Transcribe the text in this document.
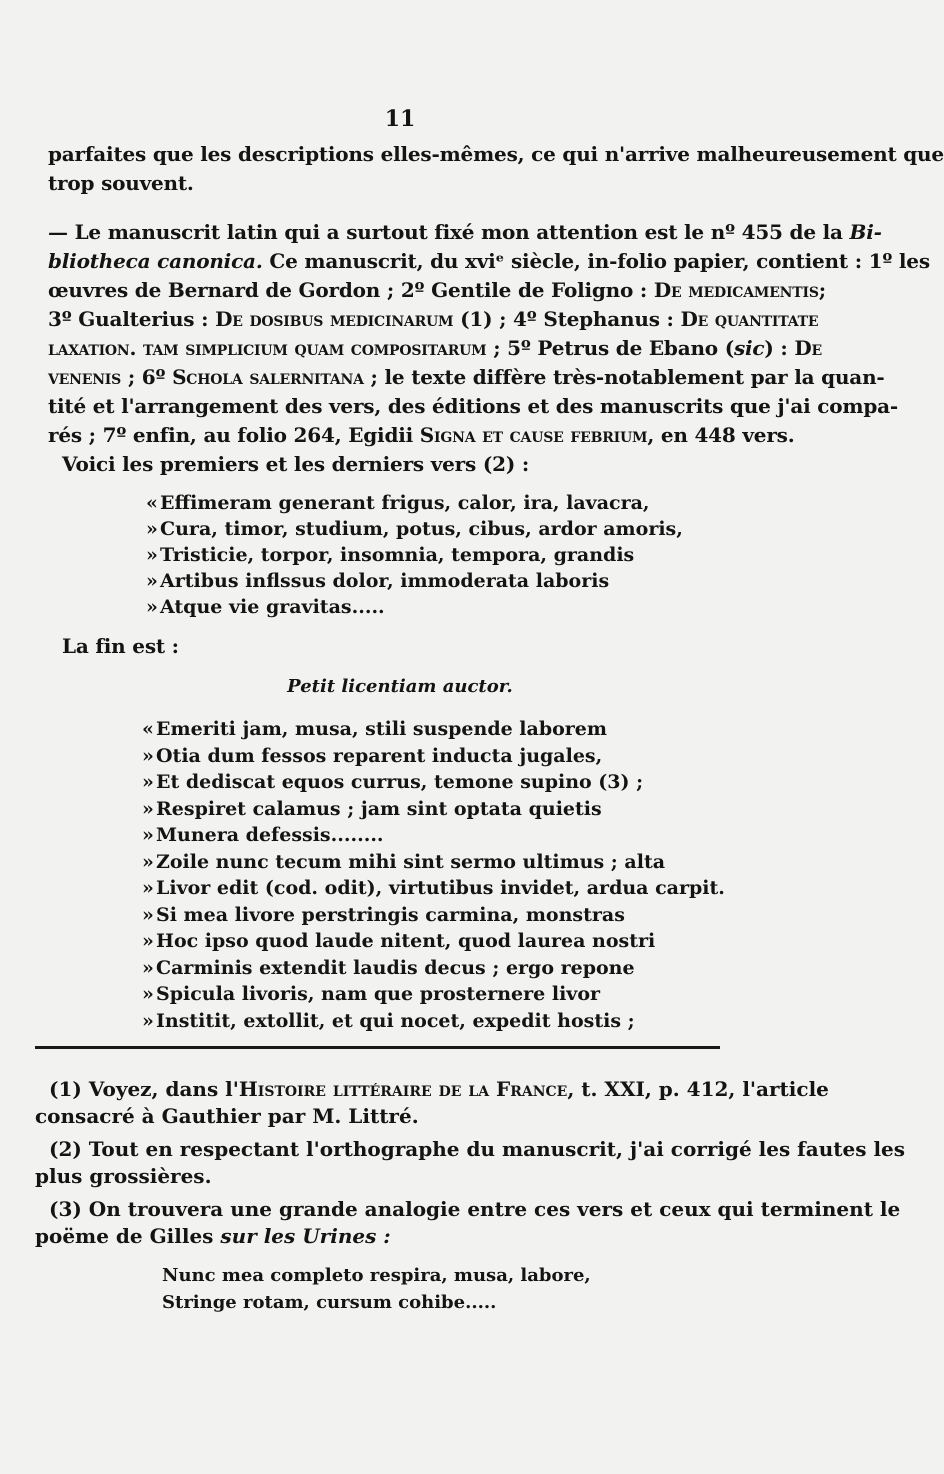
11
parfaites que les descriptions elles-mêmes, ce qui n'arrive malheureusement que
trop souvent.
— Le manuscrit latin qui a surtout fixé mon attention est le nº 455 de la Bi-
bliotheca canonica. Ce manuscrit, du xviᵉ siècle, in-folio papier, contient : 1º les
œuvres de Bernard de Gordon ; 2º Gentile de Foligno : De medicamentis;
3º Gualterius : De dosibus medicinarum (1) ; 4º Stephanus : De quantitate
laxation. tam simplicium quam compositarum ; 5º Petrus de Ebano (sic) : De
venenis ; 6º Schola salernitana ; le texte diffère très-notablement par la quan-
tité et l'arrangement des vers, des éditions et des manuscrits que j'ai compa-
rés ; 7º enfin, au folio 264, Egidii Signa et cause febrium, en 448 vers.
Voici les premiers et les derniers vers (2) :
« Effimeram generant frigus, calor, ira, lavacra,
» Cura, timor, studium, potus, cibus, ardor amoris,
» Tristicie, torpor, insomnia, tempora, grandis
» Artibus inflssus dolor, immoderata laboris
» Atque vie gravitas.....
La fin est :
Petit licentiam auctor.
« Emeriti jam, musa, stili suspende laborem
» Otia dum fessos reparent inducta jugales,
» Et dediscat equos currus, temone supino (3) ;
» Respiret calamus ; jam sint optata quietis
» Munera defessis........
» Zoile nunc tecum mihi sint sermo ultimus ; alta
» Livor edit (cod. odit), virtutibus invidet, ardua carpit.
» Si mea livore perstringis carmina, monstras
» Hoc ipso quod laude nitent, quod laurea nostri
» Carminis extendit laudis decus ; ergo repone
» Spicula livoris, nam que prosternere livor
» Institit, extollit, et qui nocet, expedit hostis ;
(1) Voyez, dans l'Histoire littéraire de la France, t. XXI, p. 412, l'article
consacré à Gauthier par M. Littré.
(2) Tout en respectant l'orthographe du manuscrit, j'ai corrigé les fautes les
plus grossières.
(3) On trouvera une grande analogie entre ces vers et ceux qui terminent le
poëme de Gilles sur les Urines :
Nunc mea completo respira, musa, labore,
Stringe rotam, cursum cohibe.....
